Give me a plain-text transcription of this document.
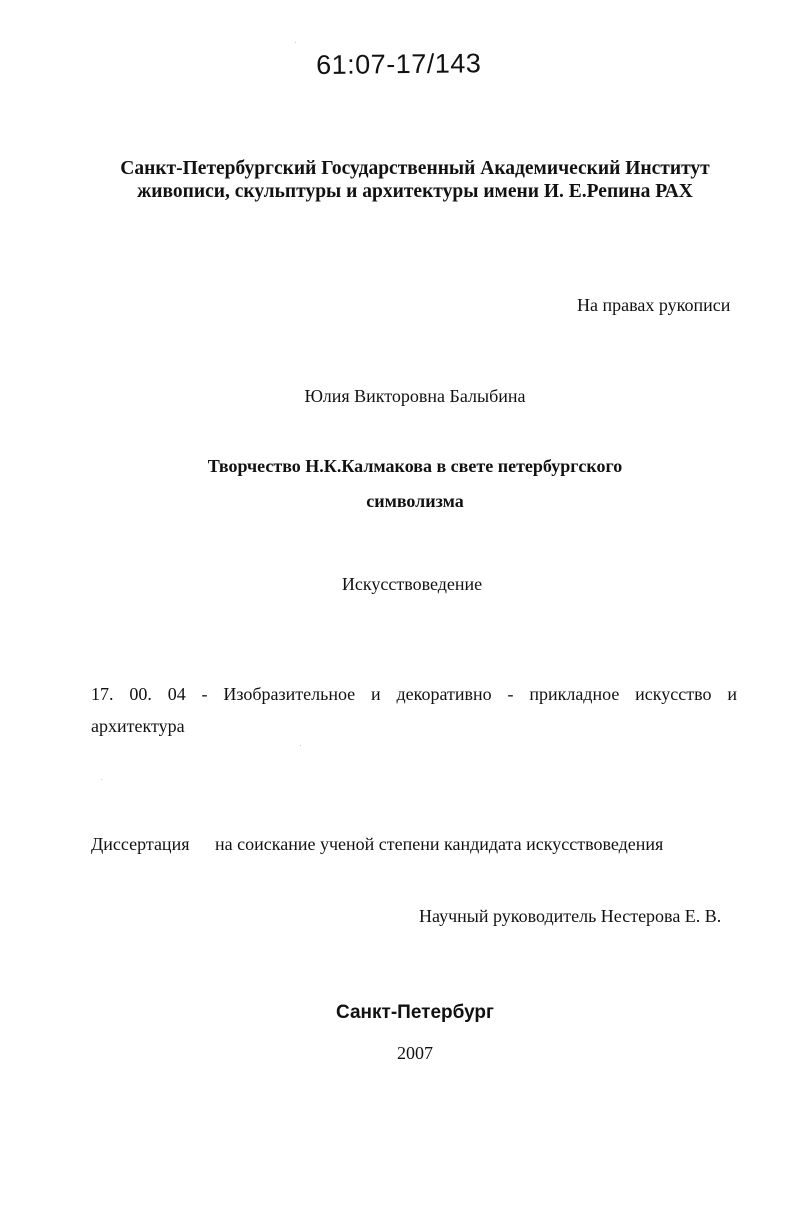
61:07-17/143
Санкт-Петербургский Государственный Академический Институт
живописи, скульптуры и архитектуры имени И. Е.Репина РАХ
На правах рукописи
Юлия Викторовна Балыбина
Творчество Н.К.Калмакова в свете петербургского
символизма
Искусствоведение
17. 00. 04 - Изобразительное и декоративно - прикладное искусство и
архитектура
Диссертация на соискание ученой степени кандидата искусствоведения
Научный руководитель Нестерова Е. В.
Санкт-Петербург
2007
